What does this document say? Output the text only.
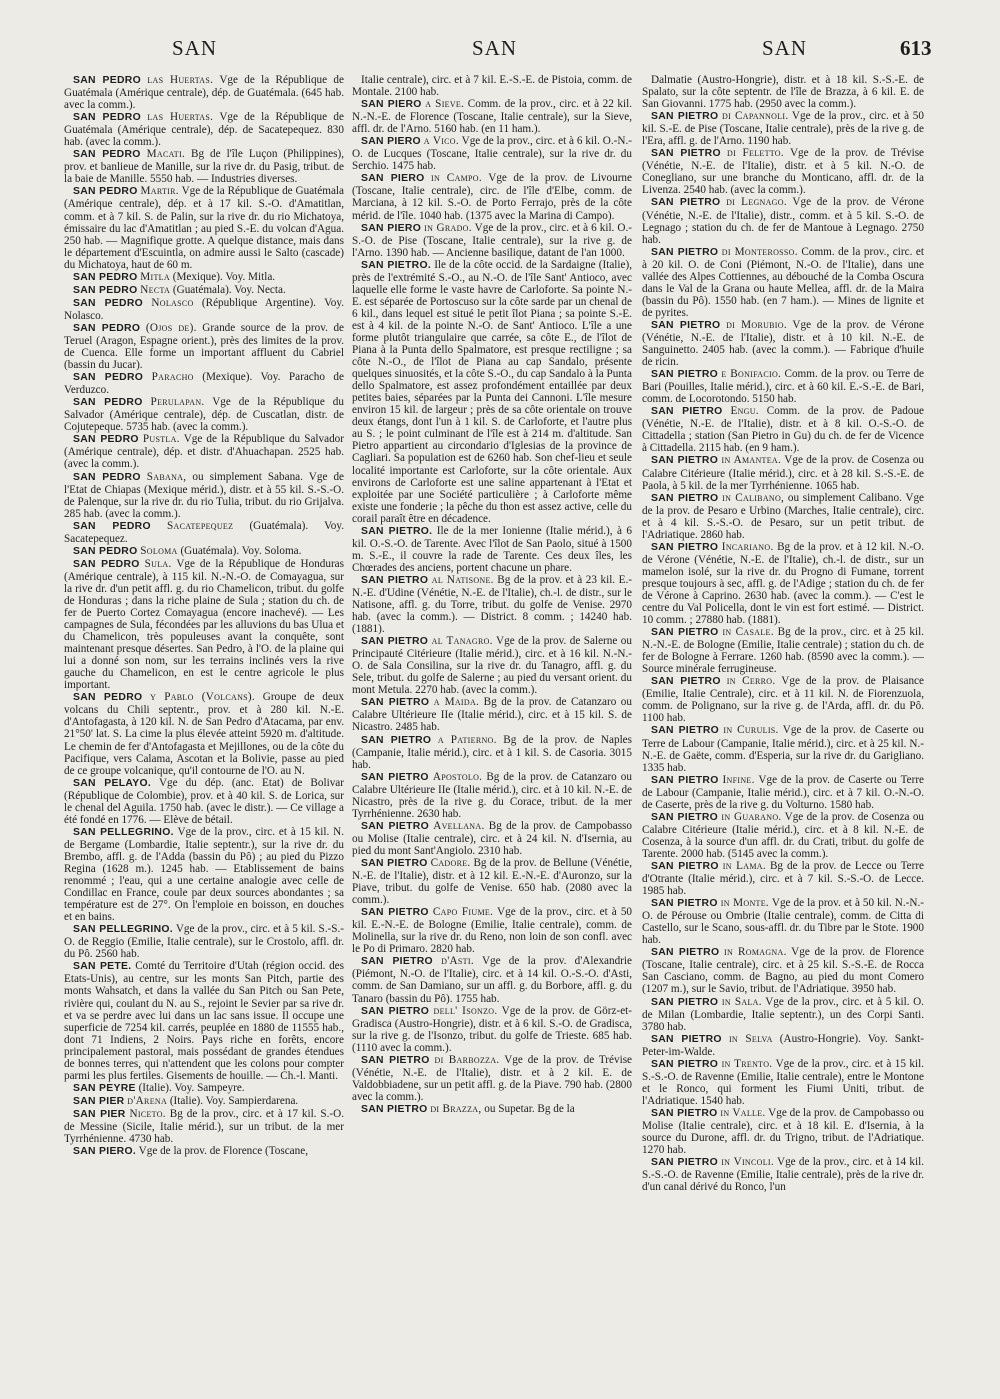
SAN	SAN	SAN	613

SAN PEDRO las Huertas. Vge de la République de Guatémala (Amérique centrale), dép. de Guatémala. (645 hab. avec la comm.).

SAN PEDRO las Huertas. Vge de la République de Guatémala (Amérique centrale), dép. de Sacatepequez. 830 hab. (avec la comm.).

SAN PEDRO Macati. Bg de l'île Luçon (Philippines), prov. et banlieue de Manille, sur la rive dr. du Pasig, tribut. de la baie de Manille. 5550 hab. — Industries diverses.

SAN PEDRO Martir. Vge de la République de Guatémala (Amérique centrale), dép. et à 17 kil. S.-O. d'Amatitlan, comm. et à 7 kil. S. de Palin, sur la rive dr. du rio Michatoya, émissaire du lac d'Amatitlan ; au pied S.-E. du volcan d'Agua. 250 hab. — Magnifique grotte. A quelque distance, mais dans le département d'Escuintla, on admire aussi le Salto (cascade) du Michatoya, haut de 60 m.

SAN PEDRO Mitla (Mexique). Voy. Mitla.

SAN PEDRO Necta (Guatémala). Voy. Necta.

SAN PEDRO Nolasco (République Argentine). Voy. Nolasco.

SAN PEDRO (Ojos de). Grande source de la prov. de Teruel (Aragon, Espagne orient.), près des limites de la prov. de Cuenca. Elle forme un important affluent du Cabriel (bassin du Jucar).

SAN PEDRO Paracho (Mexique). Voy. Paracho de Verduzco.

SAN PEDRO Perulapan. Vge de la République du Salvador (Amérique centrale), dép. de Cuscatlan, distr. de Cojutepeque. 5735 hab. (avec la comm.).

SAN PEDRO Pustla. Vge de la République du Salvador (Amérique centrale), dép. et distr. d'Ahuachapan. 2525 hab. (avec la comm.).

SAN PEDRO Sabana, ou simplement Sabana. Vge de l'Etat de Chiapas (Mexique mérid.), distr. et à 55 kil. S.-S.-O. de Palenque, sur la rive dr. du rio Tulia, tribut. du rio Grijalva. 285 hab. (avec la comm.).

SAN PEDRO Sacatepequez (Guatémala). Voy. Sacatepequez.

SAN PEDRO Soloma (Guatémala). Voy. Soloma.

SAN PEDRO Sula. Vge de la République de Honduras (Amérique centrale), à 115 kil. N.-N.-O. de Comayagua, sur la rive dr. d'un petit affl. g. du rio Chamelicon, tribut. du golfe de Honduras ; dans la riche plaine de Sula ; station du ch. de fer de Puerto Cortez Comayagua (encore inachevé). — Les campagnes de Sula, fécondées par les alluvions du bas Ulua et du Chamelicon, très populeuses avant la conquête, sont maintenant presque désertes. San Pedro, à l'O. de la plaine qui lui a donné son nom, sur les terrains inclinés vers la rive gauche du Chamelicon, en est le centre agricole le plus important.

SAN PEDRO y Pablo (Volcans). Groupe de deux volcans du Chili septentr., prov. et à 280 kil. N.-E. d'Antofagasta, à 120 kil. N. de San Pedro d'Atacama, par env. 21°50' lat. S. La cime la plus élevée atteint 5920 m. d'altitude. Le chemin de fer d'Antofagasta et Mejillones, ou de la côte du Pacifique, vers Calama, Ascotan et la Bolivie, passe au pied de ce groupe volcanique, qu'il contourne de l'O. au N.

SAN PELAYO. Vge du dép. (anc. Etat) de Bolivar (République de Colombie), prov. et à 40 kil. S. de Lorica, sur le chenal del Aguila. 1750 hab. (avec le distr.). — Ce village a été fondé en 1776. — Elève de bétail.

SAN PELLEGRINO. Vge de la prov., circ. et à 15 kil. N. de Bergame (Lombardie, Italie septentr.), sur la rive dr. du Brembo, affl. g. de l'Adda (bassin du Pô) ; au pied du Pizzo Regina (1628 m.). 1245 hab. — Etablissement de bains renommé ; l'eau, qui a une certaine analogie avec celle de Condillac en France, coule par deux sources abondantes ; sa température est de 27°. On l'emploie en boisson, en douches et en bains.

SAN PELLEGRINO. Vge de la prov., circ. et à 5 kil. S.-S.-O. de Reggio (Emilie, Italie centrale), sur le Crostolo, affl. dr. du Pô. 2560 hab.

SAN PETE. Comté du Territoire d'Utah (région occid. des Etats-Unis), au centre, sur les monts San Pitch, partie des monts Wahsatch, et dans la vallée du San Pitch ou San Pete, rivière qui, coulant du N. au S., rejoint le Sevier par sa rive dr. et va se perdre avec lui dans un lac sans issue. Il occupe une superficie de 7254 kil. carrés, peuplée en 1880 de 11555 hab., dont 71 Indiens, 2 Noirs. Pays riche en forêts, encore principalement pastoral, mais possédant de grandes étendues de bonnes terres, qui n'attendent que les colons pour compter parmi les plus fertiles. Gisements de houille. — Ch.-l. Manti.

SAN PEYRE (Italie). Voy. Sampeyre.

SAN PIER d'Arena (Italie). Voy. Sampierdarena.

SAN PIER Niceto. Bg de la prov., circ. et à 17 kil. S.-O. de Messine (Sicile, Italie mérid.), sur un tribut. de la mer Tyrrhénienne. 4730 hab.

SAN PIERO. Vge de la prov. de Florence (Toscane,

Italie centrale), circ. et à 7 kil. E.-S.-E. de Pistoia, comm. de Montale. 2100 hab.

SAN PIERO a Sieve. Comm. de la prov., circ. et à 22 kil. N.-N.-E. de Florence (Toscane, Italie centrale), sur la Sieve, affl. dr. de l'Arno. 5160 hab. (en 11 ham.).

SAN PIERO a Vico. Vge de la prov., circ. et à 6 kil. O.-N.-O. de Lucques (Toscane, Italie centrale), sur la rive dr. du Serchio. 1475 hab.

SAN PIERO in Campo. Vge de la prov. de Livourne (Toscane, Italie centrale), circ. de l'île d'Elbe, comm. de Marciana, à 12 kil. S.-O. de Porto Ferrajo, près de la côte mérid. de l'île. 1040 hab. (1375 avec la Marina di Campo).

SAN PIERO in Grado. Vge de la prov., circ. et à 6 kil. O.-S.-O. de Pise (Toscane, Italie centrale), sur la rive g. de l'Arno. 1390 hab. — Ancienne basilique, datant de l'an 1000.

SAN PIETRO. Ile de la côte occid. de la Sardaigne (Italie), près de l'extrémité S.-O., au N.-O. de l'île Sant' Antioco, avec laquelle elle forme le vaste havre de Carloforte. Sa pointe N.-E. est séparée de Portoscuso sur la côte sarde par un chenal de 6 kil., dans lequel est situé le petit îlot Piana ; sa pointe S.-E. est à 4 kil. de la pointe N.-O. de Sant' Antioco. L'île a une forme plutôt triangulaire que carrée, sa côte E., de l'îlot de Piana à la Punta dello Spalmatore, est presque rectiligne ; sa côte N.-O., de l'îlot de Piana au cap Sandalo, présente quelques sinuosités, et la côte S.-O., du cap Sandalo à la Punta dello Spalmatore, est assez profondément entaillée par deux petites baies, séparées par la Punta dei Cannoni. L'île mesure environ 15 kil. de largeur ; près de sa côte orientale on trouve deux étangs, dont l'un à 1 kil. S. de Carloforte, et l'autre plus au S. ; le point culminant de l'île est à 214 m. d'altitude. San Pietro appartient au circondario d'Iglesias de la province de Cagliari. Sa population est de 6260 hab. Son chef-lieu et seule localité importante est Carloforte, sur la côte orientale. Aux environs de Carloforte est une saline appartenant à l'Etat et exploitée par une Société particulière ; à Carloforte même existe une fonderie ; la pêche du thon est assez active, celle du corail paraît être en décadence.

SAN PIETRO. Ile de la mer Ionienne (Italie mérid.), à 6 kil. O.-S.-O. de Tarente. Avec l'îlot de San Paolo, situé à 1500 m. S.-E., il couvre la rade de Tarente. Ces deux îles, les Chœrades des anciens, portent chacune un phare.

SAN PIETRO al Natisone. Bg de la prov. et à 23 kil. E.-N.-E. d'Udine (Vénétie, N.-E. de l'Italie), ch.-l. de distr., sur le Natisone, affl. g. du Torre, tribut. du golfe de Venise. 2970 hab. (avec la comm.). — District. 8 comm. ; 14240 hab. (1881).

SAN PIETRO al Tanagro. Vge de la prov. de Salerne ou Principauté Citérieure (Italie mérid.), circ. et à 16 kil. N.-N.-O. de Sala Consilina, sur la rive dr. du Tanagro, affl. g. du Sele, tribut. du golfe de Salerne ; au pied du versant orient. du mont Metula. 2270 hab. (avec la comm.).

SAN PIETRO a Maida. Bg de la prov. de Catanzaro ou Calabre Ultérieure IIe (Italie mérid.), circ. et à 15 kil. S. de Nicastro. 2485 hab.

SAN PIETRO a Patierno. Bg de la prov. de Naples (Campanie, Italie mérid.), circ. et à 1 kil. S. de Casoria. 3015 hab.

SAN PIETRO Apostolo. Bg de la prov. de Catanzaro ou Calabre Ultérieure IIe (Italie mérid.), circ. et à 10 kil. N.-E. de Nicastro, près de la rive g. du Corace, tribut. de la mer Tyrrhénienne. 2630 hab.

SAN PIETRO Avellana. Bg de la prov. de Campobasso ou Molise (Italie centrale), circ. et à 24 kil. N. d'Isernia, au pied du mont Sant'Angiolo. 2310 hab.

SAN PIETRO Cadore. Bg de la prov. de Bellune (Vénétie, N.-E. de l'Italie), distr. et à 12 kil. E.-N.-E. d'Auronzo, sur la Piave, tribut. du golfe de Venise. 650 hab. (2080 avec la comm.).

SAN PIETRO Capo Fiume. Vge de la prov., circ. et à 50 kil. E.-N.-E. de Bologne (Emilie, Italie centrale), comm. de Molinella, sur la rive dr. du Reno, non loin de son confl. avec le Po di Primaro. 2820 hab.

SAN PIETRO d'Asti. Vge de la prov. d'Alexandrie (Piémont, N.-O. de l'Italie), circ. et à 14 kil. O.-S.-O. d'Asti, comm. de San Damiano, sur un affl. g. du Borbore, affl. g. du Tanaro (bassin du Pô). 1755 hab.

SAN PIETRO dell' Isonzo. Vge de la prov. de Görz-et-Gradisca (Austro-Hongrie), distr. et à 6 kil. S.-O. de Gradisca, sur la rive g. de l'Isonzo, tribut. du golfe de Trieste. 685 hab. (1110 avec la comm.).

SAN PIETRO di Barbozza. Vge de la prov. de Trévise (Vénétie, N.-E. de l'Italie), distr. et à 2 kil. E. de Valdobbiadene, sur un petit affl. g. de la Piave. 790 hab. (2800 avec la comm.).

SAN PIETRO di Brazza, ou Supetar. Bg de la

Dalmatie (Austro-Hongrie), distr. et à 18 kil. S.-S.-E. de Spalato, sur la côte septentr. de l'île de Brazza, à 6 kil. E. de San Giovanni. 1775 hab. (2950 avec la comm.).

SAN PIETRO di Capannoli. Vge de la prov., circ. et à 50 kil. S.-E. de Pise (Toscane, Italie centrale), près de la rive g. de l'Era, affl. g. de l'Arno. 1190 hab.

SAN PIETRO di Feletto. Vge de la prov. de Trévise (Vénétie, N.-E. de l'Italie), distr. et à 5 kil. N.-O. de Conegliano, sur une branche du Monticano, affl. dr. de la Livenza. 2540 hab. (avec la comm.).

SAN PIETRO di Legnago. Vge de la prov. de Vérone (Vénétie, N.-E. de l'Italie), distr., comm. et à 5 kil. S.-O. de Legnago ; station du ch. de fer de Mantoue à Legnago. 2750 hab.

SAN PIETRO di Monterosso. Comm. de la prov., circ. et à 20 kil. O. de Coni (Piémont, N.-O. de l'Italie), dans une vallée des Alpes Cottiennes, au débouché de la Comba Oscura dans le Val de la Grana ou haute Mellea, affl. dr. de la Maira (bassin du Pô). 1550 hab. (en 7 ham.). — Mines de lignite et de pyrites.

SAN PIETRO di Morubio. Vge de la prov. de Vérone (Vénétie, N.-E. de l'Italie), distr. et à 10 kil. N.-E. de Sanguinetto. 2405 hab. (avec la comm.). — Fabrique d'huile de ricin.

SAN PIETRO e Bonifacio. Comm. de la prov. ou Terre de Bari (Pouilles, Italie mérid.), circ. et à 60 kil. E.-S.-E. de Bari, comm. de Locorotondo. 5150 hab.

SAN PIETRO Engu. Comm. de la prov. de Padoue (Vénétie, N.-E. de l'Italie), distr. et à 8 kil. O.-S.-O. de Cittadella ; station (San Pietro in Gu) du ch. de fer de Vicence à Cittadella. 2115 hab. (en 9 ham.).

SAN PIETRO in Amantea. Vge de la prov. de Cosenza ou Calabre Citérieure (Italie mérid.), circ. et à 28 kil. S.-S.-E. de Paola, à 5 kil. de la mer Tyrrhénienne. 1065 hab.

SAN PIETRO in Calibano, ou simplement Calibano. Vge de la prov. de Pesaro e Urbino (Marches, Italie centrale), circ. et à 4 kil. S.-S.-O. de Pesaro, sur un petit tribut. de l'Adriatique. 2860 hab.

SAN PIETRO Incariano. Bg de la prov. et à 12 kil. N.-O. de Vérone (Vénétie, N.-E. de l'Italie), ch.-l. de distr., sur un mamelon isolé, sur la rive dr. du Progno di Fumane, torrent presque toujours à sec, affl. g. de l'Adige ; station du ch. de fer de Vérone à Caprino. 2630 hab. (avec la comm.). — C'est le centre du Val Policella, dont le vin est fort estimé. — District. 10 comm. ; 27880 hab. (1881).

SAN PIETRO in Casale. Bg de la prov., circ. et à 25 kil. N.-N.-E. de Bologne (Emilie, Italie centrale) ; station du ch. de fer de Bologne à Ferrare. 1260 hab. (8590 avec la comm.). — Source minérale ferrugineuse.

SAN PIETRO in Cerro. Vge de la prov. de Plaisance (Emilie, Italie Centrale), circ. et à 11 kil. N. de Fiorenzuola, comm. de Polignano, sur la rive g. de l'Arda, affl. dr. du Pô. 1100 hab.

SAN PIETRO in Curulis. Vge de la prov. de Caserte ou Terre de Labour (Campanie, Italie mérid.), circ. et à 25 kil. N.-N.-E. de Gaëte, comm. d'Esperia, sur la rive dr. du Garigliano. 1335 hab.

SAN PIETRO Infine. Vge de la prov. de Caserte ou Terre de Labour (Campanie, Italie mérid.), circ. et à 7 kil. O.-N.-O. de Caserte, près de la rive g. du Volturno. 1580 hab.

SAN PIETRO in Guarano. Vge de la prov. de Cosenza ou Calabre Citérieure (Italie mérid.), circ. et à 8 kil. N.-E. de Cosenza, à la source d'un affl. dr. du Crati, tribut. du golfe de Tarente. 2000 hab. (5145 avec la comm.).

SAN PIETRO in Lama. Bg de la prov. de Lecce ou Terre d'Otrante (Italie mérid.), circ. et à 7 kil. S.-S.-O. de Lecce. 1985 hab.

SAN PIETRO in Monte. Vge de la prov. et à 50 kil. N.-N.-O. de Pérouse ou Ombrie (Italie centrale), comm. de Citta di Castello, sur le Scano, sous-affl. dr. du Tibre par le Stote. 1900 hab.

SAN PIETRO in Romagna. Vge de la prov. de Florence (Toscane, Italie centrale), circ. et à 25 kil. S.-S.-E. de Rocca San Casciano, comm. de Bagno, au pied du mont Comero (1207 m.), sur le Savio, tribut. de l'Adriatique. 3950 hab.

SAN PIETRO in Sala. Vge de la prov., circ. et à 5 kil. O. de Milan (Lombardie, Italie septentr.), un des Corpi Santi. 3780 hab.

SAN PIETRO in Selva (Austro-Hongrie). Voy. Sankt-Peter-im-Walde.

SAN PIETRO in Trento. Vge de la prov., circ. et à 15 kil. S.-S.-O. de Ravenne (Emilie, Italie centrale), entre le Montone et le Ronco, qui forment les Fiumi Uniti, tribut. de l'Adriatique. 1540 hab.

SAN PIETRO in Valle. Vge de la prov. de Campobasso ou Molise (Italie centrale), circ. et à 18 kil. E. d'Isernia, à la source du Durone, affl. dr. du Trigno, tribut. de l'Adriatique. 1270 hab.

SAN PIETRO in Vincoli. Vge de la prov., circ. et à 14 kil. S.-S.-O. de Ravenne (Emilie, Italie centrale), près de la rive dr. d'un canal dérivé du Ronco, l'un
